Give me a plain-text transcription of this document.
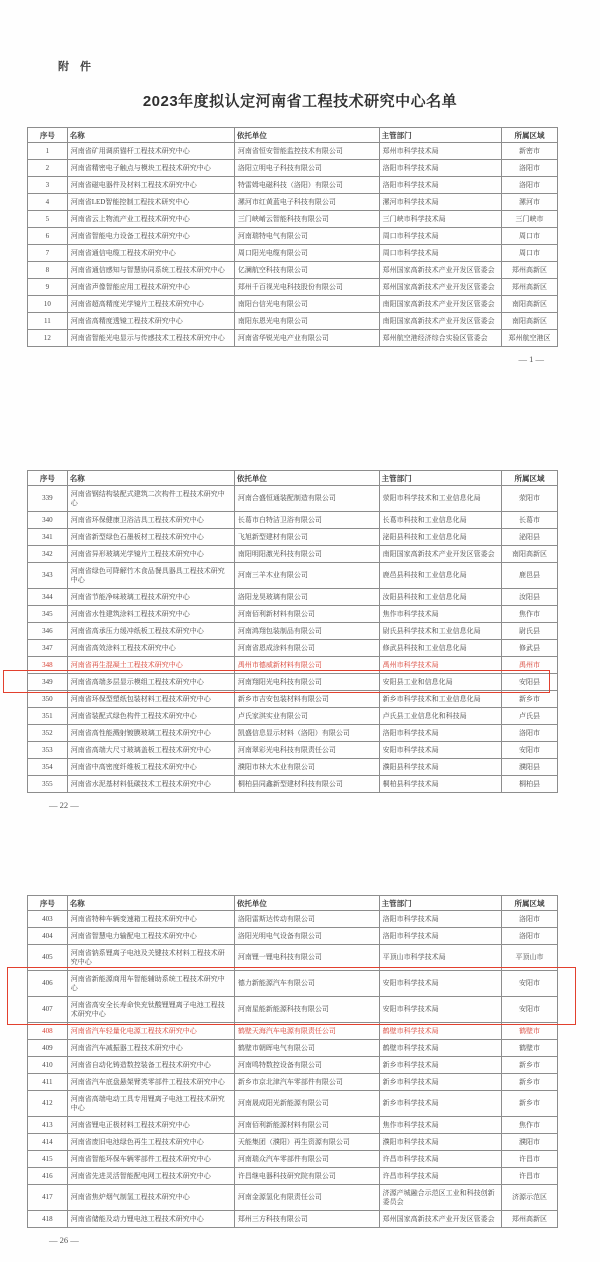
附 件
2023年度拟认定河南省工程技术研究中心名单
序号	名称	依托单位	主管部门	所属区域
1	河南省矿用调质锚杆工程技术研究中心	河南省恒安智能监控技术有限公司	郑州市科学技术局	新密市
2	河南省精密电子触点与模块工程技术研究中心	洛阳立明电子科技有限公司	洛阳市科学技术局	洛阳市
3	河南省磁电器件及材料工程技术研究中心	特雷姆电磁科技（洛阳）有限公司	洛阳市科学技术局	洛阳市
4	河南省LED智能控制工程技术研究中心	漯河市红黄蓝电子科技有限公司	漯河市科学技术局	漯河市
5	河南省云上物流产业工程技术研究中心	三门峡崤云智能科技有限公司	三门峡市科学技术局	三门峡市
6	河南省智能电力设备工程技术研究中心	河南瑞特电气有限公司	周口市科学技术局	周口市
7	河南省通信电缆工程技术研究中心	周口阳光电缆有限公司	周口市科学技术局	周口市
8	河南省通信感知与智慧协同系统工程技术研究中心	亿澜航空科技有限公司	郑州国家高新技术产业开发区管委会	郑州高新区
9	河南省声像智能应用工程技术研究中心	郑州千百视光电科技股份有限公司	郑州国家高新技术产业开发区管委会	郑州高新区
10	河南省超高精度光学镜片工程技术研究中心	南阳台信光电有限公司	南阳国家高新技术产业开发区管委会	南阳高新区
11	河南省高精度透镜工程技术研究中心	南阳东恩光电有限公司	南阳国家高新技术产业开发区管委会	南阳高新区
12	河南省智能光电显示与传感技术工程技术研究中心	河南省华锐光电产业有限公司	郑州航空港经济综合实验区管委会	郑州航空港区
— 1 —
序号	名称	依托单位	主管部门	所属区域
339	河南省钢结构装配式建筑二次构件工程技术研究中心	河南合盛恒通装配制造有限公司	荥阳市科学技术和工业信息化局	荥阳市
340	河南省环保健康卫浴洁具工程技术研究中心	长葛市白特洁卫浴有限公司	长葛市科技和工业信息化局	长葛市
341	河南省新型绿色石墨板材工程技术研究中心	飞旭新型建材有限公司	泌阳县科技和工业信息化局	泌阳县
342	河南省异形玻璃光学镜片工程技术研究中心	南阳明阳激光科技有限公司	南阳国家高新技术产业开发区管委会	南阳高新区
343	河南省绿色可降解竹木食品餐具器具工程技术研究中心	河南三羊木业有限公司	鹿邑县科技和工业信息化局	鹿邑县
344	河南省节能净味玻璃工程技术研究中心	洛阳龙昊玻璃有限公司	汝阳县科技和工业信息化局	汝阳县
345	河南省水性建筑涂料工程技术研究中心	河南佰利新材料有限公司	焦作市科学技术局	焦作市
346	河南省高承压力缓冲纸板工程技术研究中心	河南鸿翔包装制品有限公司	尉氏县科学技术和工业信息化局	尉氏县
347	河南省高效涂料工程技术研究中心	河南省恩成涂料有限公司	修武县科技和工业信息化局	修武县
348	河南省再生混凝土工程技术研究中心	禹州市德威新材料有限公司	禹州市科学技术局	禹州市
349	河南省高端多层显示模组工程技术研究中心	河南翔阳光电科技有限公司	安阳县工业和信息化局	安阳县
350	河南省环保型塑纸包装材料工程技术研究中心	新乡市吉安包装材料有限公司	新乡市科学技术和工业信息化局	新乡市
351	河南省装配式绿色构件工程技术研究中心	卢氏家淇实业有限公司	卢氏县工业信息化和科技局	卢氏县
352	河南省高性能溅射镀膜玻璃工程技术研究中心	凯盛信息显示材料（洛阳）有限公司	洛阳市科学技术局	洛阳市
353	河南省高端大尺寸玻璃盖板工程技术研究中心	河南翠彩光电科技有限责任公司	安阳市科学技术局	安阳市
354	河南省中高密度纤维板工程技术研究中心	濮阳市林大木业有限公司	濮阳县科学技术局	濮阳县
355	河南省水泥基材料低碳技术工程技术研究中心	桐柏县同鑫新型建材科技有限公司	桐柏县科学技术局	桐柏县
— 22 —
序号	名称	依托单位	主管部门	所属区域
403	河南省特种车辆变速箱工程技术研究中心	洛阳雷斯达传动有限公司	洛阳市科学技术局	洛阳市
404	河南省智慧电力输配电工程技术研究中心	洛阳光明电气设备有限公司	洛阳市科学技术局	洛阳市
405	河南省钠系锂离子电池及关键技术材料工程技术研究中心	河南锂一锂电科技有限公司	平顶山市科学技术局	平顶山市
406	河南省新能源商用车智能辅助系统工程技术研究中心	德力新能源汽车有限公司	安阳市科学技术局	安阳市
407	河南省高安全长寿命快充钛酸锂锂离子电池工程技术研究中心	河南星能新能源科技有限公司	安阳市科学技术局	安阳市
408	河南省汽车轻量化电源工程技术研究中心	鹤壁天海汽车电源有限责任公司	鹤壁市科学技术局	鹤壁市
409	河南省汽车减振器工程技术研究中心	鹤壁市朝晖电气有限公司	鹤壁市科学技术局	鹤壁市
410	河南省自动化铸造数控装备工程技术研究中心	河南鸣特数控设备有限公司	新乡市科学技术局	新乡市
411	河南省汽车底盘悬架臂类零部件工程技术研究中心	新乡市京北津汽车零部件有限公司	新乡市科学技术局	新乡市
412	河南省高端电动工具专用锂离子电池工程技术研究中心	河南晟成阳光新能源有限公司	新乡市科学技术局	新乡市
413	河南省锂电正极材料工程技术研究中心	河南佰利新能源材料有限公司	焦作市科学技术局	焦作市
414	河南省废旧电池绿色再生工程技术研究中心	天能集团（濮阳）再生资源有限公司	濮阳市科学技术局	濮阳市
415	河南省智能环保车辆零部件工程技术研究中心	河南瑞众汽车零部件有限公司	许昌市科学技术局	许昌市
416	河南省先进灵活智能配电网工程技术研究中心	许昌继电器科技研究院有限公司	许昌市科学技术局	许昌市
417	河南省焦炉烟气制氢工程技术研究中心	河南金源氢化有限责任公司	济源产城融合示范区工业和科技创新委员会	济源示范区
418	河南省储能及动力锂电池工程技术研究中心	郑州三方科技有限公司	郑州国家高新技术产业开发区管委会	郑州高新区
— 26 —
